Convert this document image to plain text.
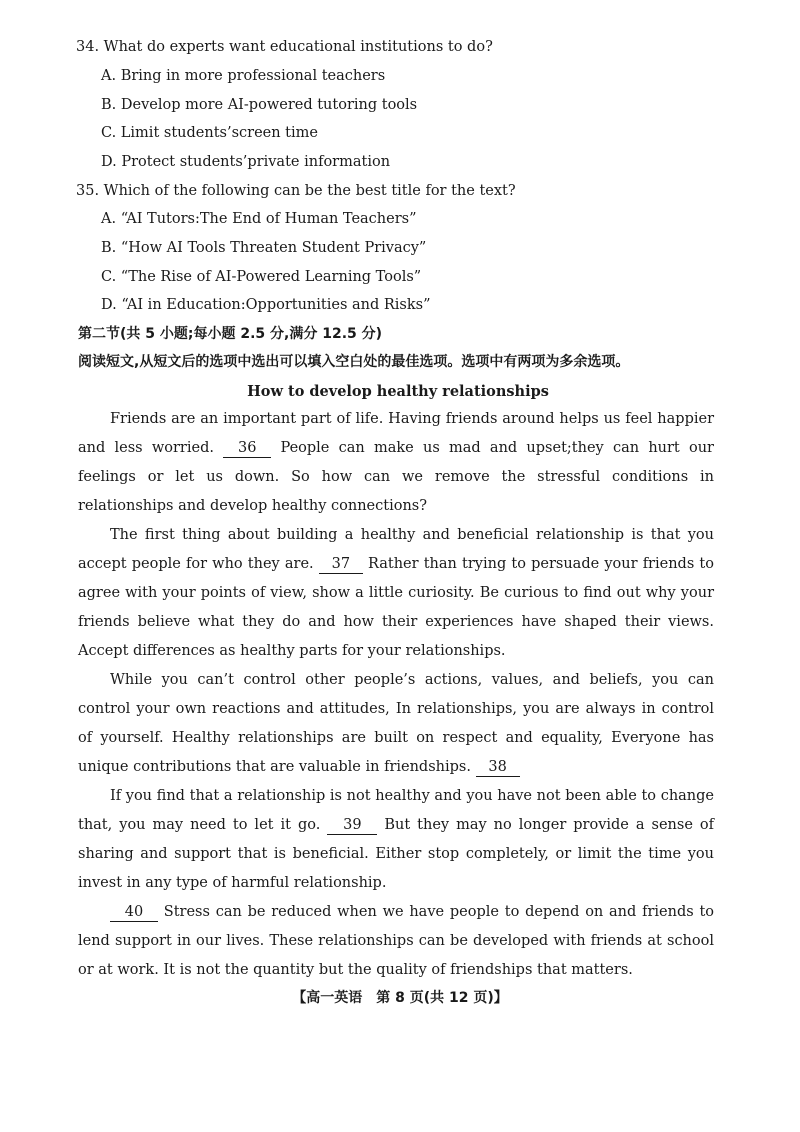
34. What do experts want educational institutions to do?
A. Bring in more professional teachers
B. Develop more AI-powered tutoring tools
C. Limit students’screen time
D. Protect students’private information
35. Which of the following can be the best title for the text?
A. “AI Tutors:The End of Human Teachers”
B. “How AI Tools Threaten Student Privacy”
C. “The Rise of AI-Powered Learning Tools”
D. “AI in Education:Opportunities and Risks”
第二节(共 5 小题;每小题 2.5 分,满分 12.5 分)
阅读短文,从短文后的选项中选出可以填入空白处的最佳选项。选项中有两项为多余选项。
How to develop healthy relationships

Friends are an important part of life. Having friends around helps us feel happier and less worried. 36 People can make us mad and upset;they can hurt our feelings or let us down. So how can we remove the stressful conditions in relationships and develop healthy connections?

The first thing about building a healthy and beneficial relationship is that you accept people for who they are. 37 Rather than trying to persuade your friends to agree with your points of view, show a little curiosity. Be curious to find out why your friends believe what they do and how their experiences have shaped their views. Accept differences as healthy parts for your relationships.

While you can’t control other people’s actions, values, and beliefs, you can control your own reactions and attitudes, In relationships, you are always in control of yourself. Healthy relationships are built on respect and equality, Everyone has unique contributions that are valuable in friendships. 38

If you find that a relationship is not healthy and you have not been able to change that, you may need to let it go. 39 But they may no longer provide a sense of sharing and support that is beneficial. Either stop completely, or limit the time you invest in any type of harmful relationship.

40 Stress can be reduced when we have people to depend on and friends to lend support in our lives. These relationships can be developed with friends at school or at work. It is not the quantity but the quality of friendships that matters.

【高一英语　第 8 页(共 12 页)】
